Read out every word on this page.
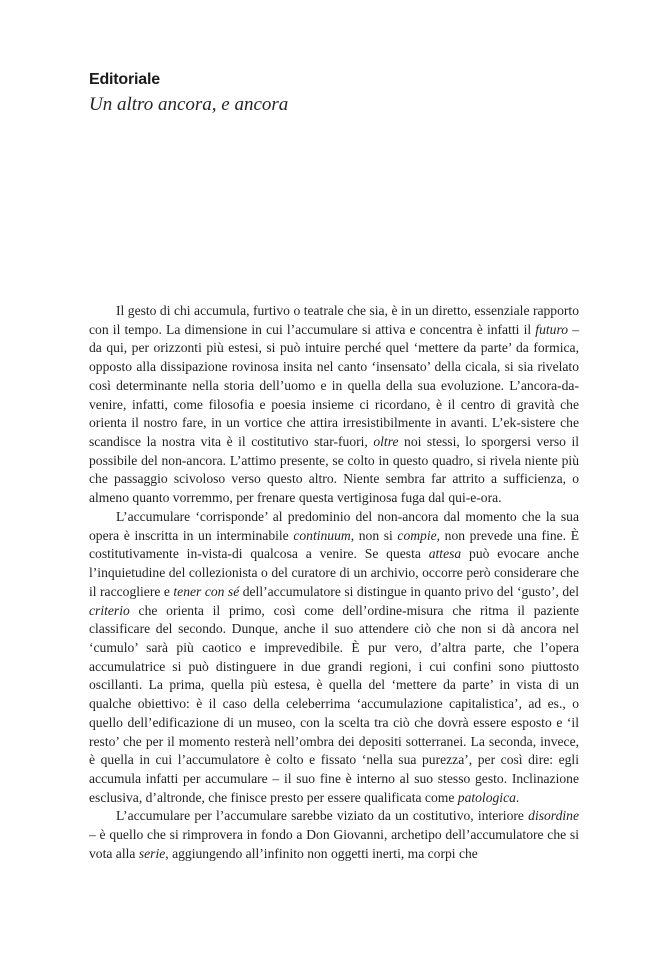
Editoriale
Un altro ancora, e ancora

Il gesto di chi accumula, furtivo o teatrale che sia, è in un diretto, essenziale rapporto con il tempo. La dimensione in cui l’accumulare si attiva e concentra è infatti il futuro – da qui, per orizzonti più estesi, si può intuire perché quel ‘mettere da parte’ da formica, opposto alla dissipazione rovinosa insita nel canto ‘insensato’ della cicala, si sia rivelato così determinante nella storia dell’uomo e in quella della sua evoluzione. L’ancora-da-venire, infatti, come filosofia e poesia insieme ci ricordano, è il centro di gravità che orienta il nostro fare, in un vortice che attira irresistibilmente in avanti. L’ek-sistere che scandisce la nostra vita è il costitutivo star-fuori, oltre noi stessi, lo sporgersi verso il possibile del non-ancora. L’attimo presente, se colto in questo quadro, si rivela niente più che passaggio scivoloso verso questo altro. Niente sembra far attrito a sufficienza, o almeno quanto vorremmo, per frenare questa vertiginosa fuga dal qui-e-ora.

L’accumulare ‘corrisponde’ al predominio del non-ancora dal momento che la sua opera è inscritta in un interminabile continuum, non si compie, non prevede una fine. È costitutivamente in-vista-di qualcosa a venire. Se questa attesa può evocare anche l’inquietudine del collezionista o del curatore di un archivio, occorre però considerare che il raccogliere e tener con sé dell’accumulatore si distingue in quanto privo del ‘gusto’, del criterio che orienta il primo, così come dell’ordine-misura che ritma il paziente classificare del secondo. Dunque, anche il suo attendere ciò che non si dà ancora nel ‘cumulo’ sarà più caotico e imprevedibile. È pur vero, d’altra parte, che l’opera accumulatrice si può distinguere in due grandi regioni, i cui confini sono piuttosto oscillanti. La prima, quella più estesa, è quella del ‘mettere da parte’ in vista di un qualche obiettivo: è il caso della celeberrima ‘accumulazione capitalistica’, ad es., o quello dell’edificazione di un museo, con la scelta tra ciò che dovrà essere esposto e ‘il resto’ che per il momento resterà nell’ombra dei depositi sotterranei. La seconda, invece, è quella in cui l’accumulatore è colto e fissato ‘nella sua purezza’, per così dire: egli accumula infatti per accumulare – il suo fine è interno al suo stesso gesto. Inclinazione esclusiva, d’altronde, che finisce presto per essere qualificata come patologica.

L’accumulare per l’accumulare sarebbe viziato da un costitutivo, interiore disordine – è quello che si rimprovera in fondo a Don Giovanni, archetipo dell’accumulatore che si vota alla serie, aggiungendo all’infinito non oggetti inerti, ma corpi che
